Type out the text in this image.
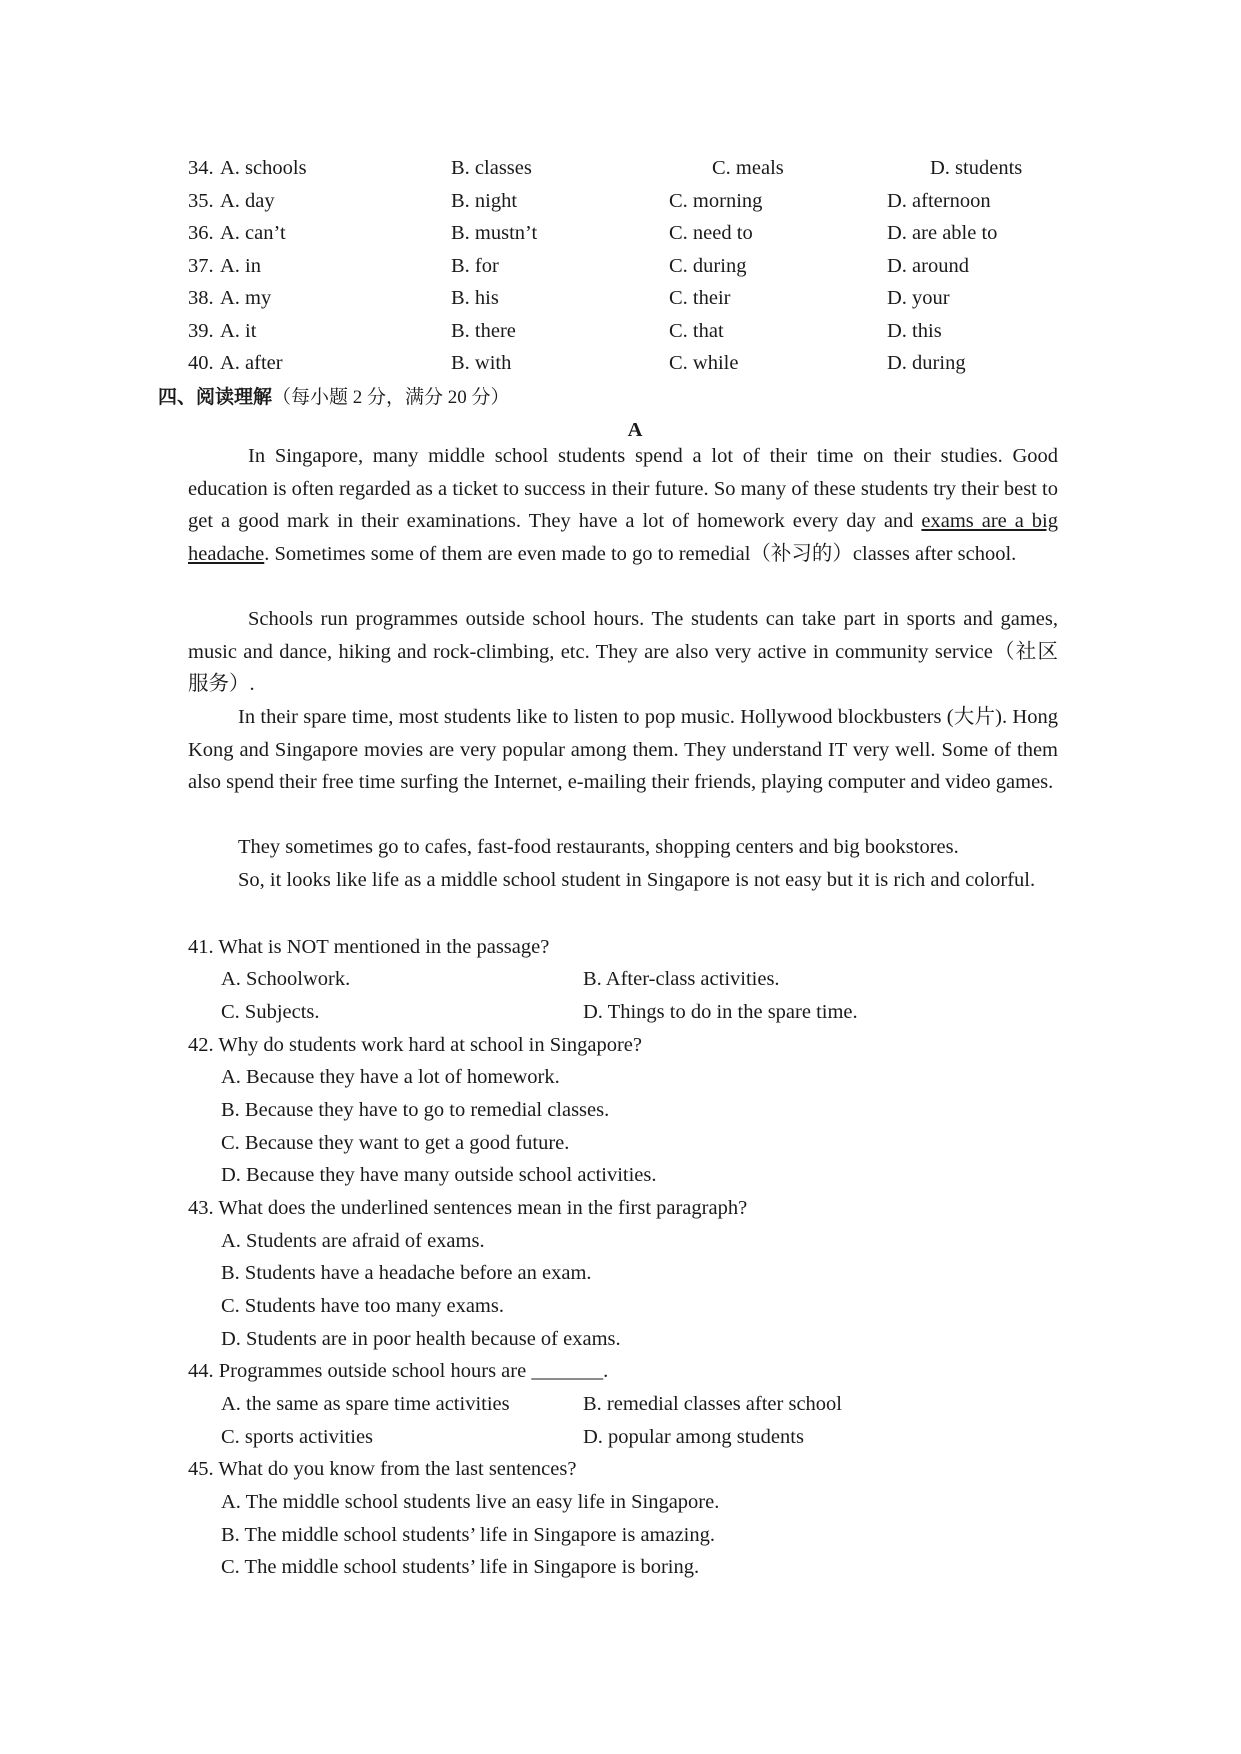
34. A. schools	B. classes	C. meals	D. students
35. A. day	B. night	C. morning	D. afternoon
36. A. can’t	B. mustn’t	C. need to	D. are able to
37. A. in	B. for	C. during	D. around
38. A. my	B. his	C. their	D. your
39. A. it	B. there	C. that	D. this
40. A. after	B. with	C. while	D. during
四、阅读理解（每小题 2 分，满分 20 分）
A
In Singapore, many middle school students spend a lot of their time on their studies. Good education is often regarded as a ticket to success in their future. So many of these students try their best to get a good mark in their examinations. They have a lot of homework every day and exams are a big headache. Sometimes some of them are even made to go to remedial（补习的）classes after school.
Schools run programmes outside school hours. The students can take part in sports and games, music and dance, hiking and rock-climbing, etc. They are also very active in community service（社区服务）.
In their spare time, most students like to listen to pop music. Hollywood blockbusters (大片). Hong Kong and Singapore movies are very popular among them. They understand IT very well. Some of them also spend their free time surfing the Internet, e-mailing their friends, playing computer and video games.
They sometimes go to cafes, fast-food restaurants, shopping centers and big bookstores.
So, it looks like life as a middle school student in Singapore is not easy but it is rich and colorful.
41. What is NOT mentioned in the passage?
A. Schoolwork.	B. After-class activities.
C. Subjects.	D. Things to do in the spare time.
42. Why do students work hard at school in Singapore?
A. Because they have a lot of homework.
B. Because they have to go to remedial classes.
C. Because they want to get a good future.
D. Because they have many outside school activities.
43. What does the underlined sentences mean in the first paragraph?
A. Students are afraid of exams.
B. Students have a headache before an exam.
C. Students have too many exams.
D. Students are in poor health because of exams.
44. Programmes outside school hours are _______.
A. the same as spare time activities	B. remedial classes after school
C. sports activities	D. popular among students
45. What do you know from the last sentences?
A. The middle school students live an easy life in Singapore.
B. The middle school students’ life in Singapore is amazing.
C. The middle school students’ life in Singapore is boring.
